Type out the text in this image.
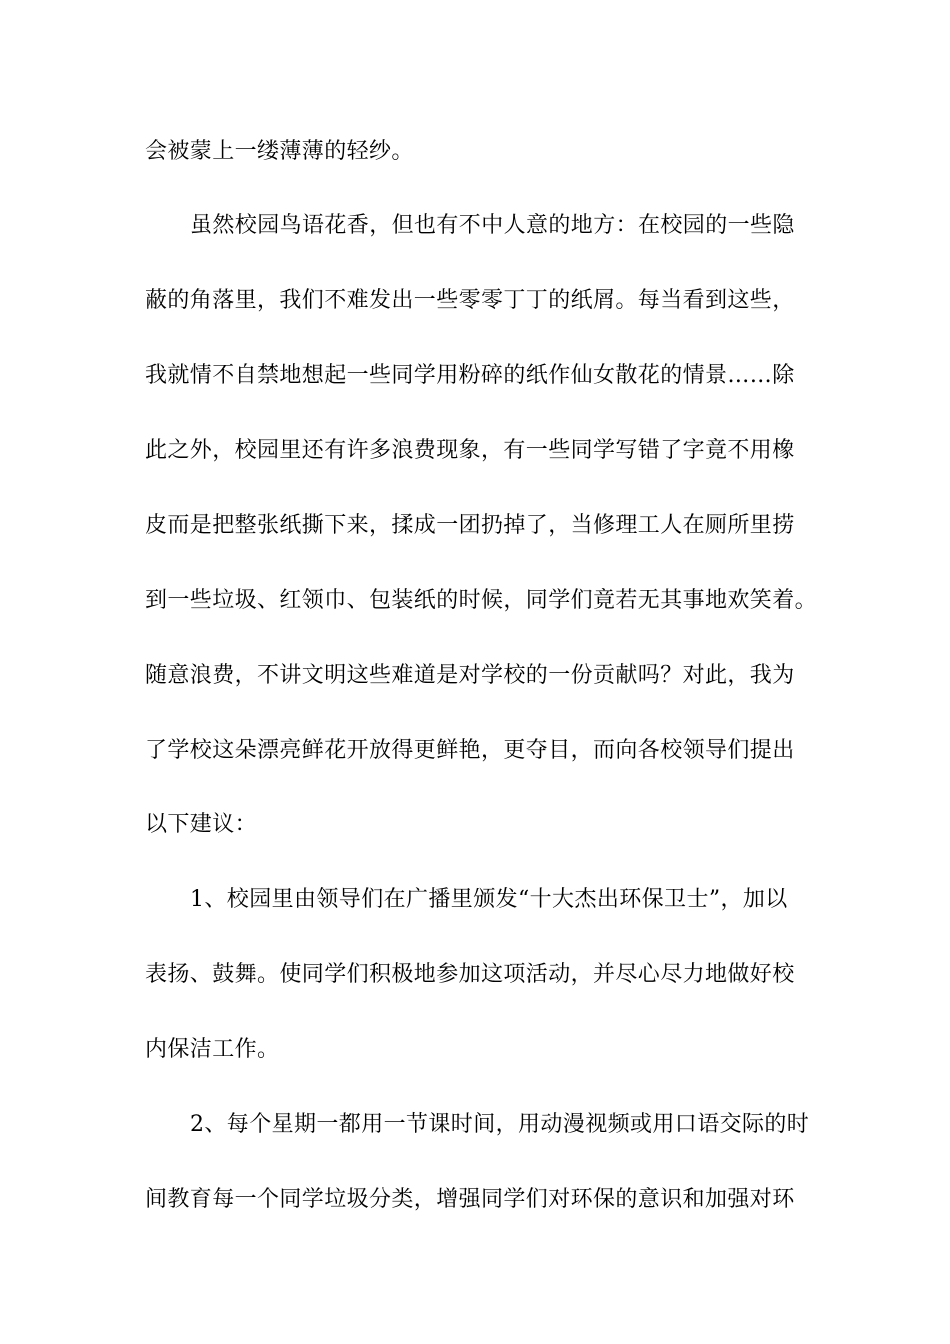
会被蒙上一缕薄薄的轻纱。
虽然校园鸟语花香，但也有不中人意的地方：在校园的一些隐
蔽的角落里，我们不难发出一些零零丁丁的纸屑。每当看到这些，
我就情不自禁地想起一些同学用粉碎的纸作仙女散花的情景……除
此之外，校园里还有许多浪费现象，有一些同学写错了字竟不用橡
皮而是把整张纸撕下来，揉成一团扔掉了，当修理工人在厕所里捞
到一些垃圾、红领巾、包装纸的时候，同学们竟若无其事地欢笑着。
随意浪费，不讲文明这些难道是对学校的一份贡献吗？对此，我为
了学校这朵漂亮鲜花开放得更鲜艳，更夺目，而向各校领导们提出
以下建议：
1、校园里由领导们在广播里颁发“十大杰出环保卫士”，加以
表扬、鼓舞。使同学们积极地参加这项活动，并尽心尽力地做好校
内保洁工作。
2、每个星期一都用一节课时间，用动漫视频或用口语交际的时
间教育每一个同学垃圾分类，增强同学们对环保的意识和加强对环
